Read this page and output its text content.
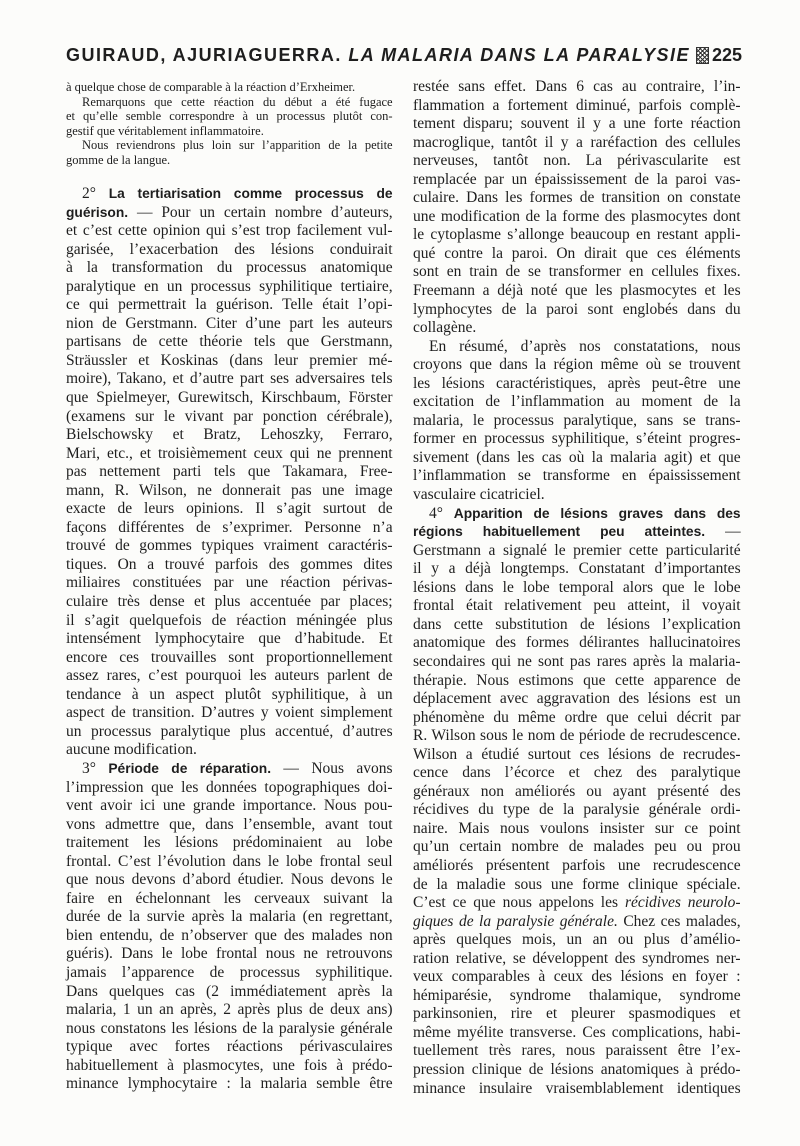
GUIRAUD, AJURIAGUERRA. LA MALARIA DANS LA PARALYSIE 225
à quelque chose de comparable à la réaction d’Erxheimer.
Remarquons que cette réaction du début a été fugace
et qu’elle semble correspondre à un processus plutôt con-
gestif que véritablement inflammatoire.
Nous reviendrons plus loin sur l’apparition de la petite
gomme de la langue.
2° La tertiarisation comme processus de
guérison. — Pour un certain nombre d’auteurs,
et c’est cette opinion qui s’est trop facilement vul-
garisée, l’exacerbation des lésions conduirait
à la transformation du processus anatomique
paralytique en un processus syphilitique tertiaire,
ce qui permettrait la guérison. Telle était l’opi-
nion de Gerstmann. Citer d’une part les auteurs
partisans de cette théorie tels que Gerstmann,
Sträussler et Koskinas (dans leur premier mé-
moire), Takano, et d’autre part ses adversaires tels
que Spielmeyer, Gurewitsch, Kirschbaum, Förster
(examens sur le vivant par ponction cérébrale),
Bielschowsky et Bratz, Lehoszky, Ferraro,
Mari, etc., et troisièmement ceux qui ne prennent
pas nettement parti tels que Takamara, Free-
mann, R. Wilson, ne donnerait pas une image
exacte de leurs opinions. Il s’agit surtout de
façons différentes de s’exprimer. Personne n’a
trouvé de gommes typiques vraiment caractéris-
tiques. On a trouvé parfois des gommes dites
miliaires constituées par une réaction périvas-
culaire très dense et plus accentuée par places;
il s’agit quelquefois de réaction méningée plus
intensément lymphocytaire que d’habitude. Et
encore ces trouvailles sont proportionnellement
assez rares, c’est pourquoi les auteurs parlent de
tendance à un aspect plutôt syphilitique, à un
aspect de transition. D’autres y voient simplement
un processus paralytique plus accentué, d’autres
aucune modification.
3° Période de réparation. — Nous avons
l’impression que les données topographiques doi-
vent avoir ici une grande importance. Nous pou-
vons admettre que, dans l’ensemble, avant tout
traitement les lésions prédominaient au lobe
frontal. C’est l’évolution dans le lobe frontal seul
que nous devons d’abord étudier. Nous devons le
faire en échelonnant les cerveaux suivant la
durée de la survie après la malaria (en regrettant,
bien entendu, de n’observer que des malades non
guéris). Dans le lobe frontal nous ne retrouvons
jamais l’apparence de processus syphilitique.
Dans quelques cas (2 immédiatement après la
malaria, 1 un an après, 2 après plus de deux ans)
nous constatons les lésions de la paralysie générale
typique avec fortes réactions périvasculaires
habituellement à plasmocytes, une fois à prédo-
minance lymphocytaire : la malaria semble être
restée sans effet. Dans 6 cas au contraire, l’in-
flammation a fortement diminué, parfois complè-
tement disparu; souvent il y a une forte réaction
macroglique, tantôt il y a raréfaction des cellules
nerveuses, tantôt non. La périvascularite est
remplacée par un épaississement de la paroi vas-
culaire. Dans les formes de transition on constate
une modification de la forme des plasmocytes dont
le cytoplasme s’allonge beaucoup en restant appli-
qué contre la paroi. On dirait que ces éléments
sont en train de se transformer en cellules fixes.
Freemann a déjà noté que les plasmocytes et les
lymphocytes de la paroi sont englobés dans du
collagène.
En résumé, d’après nos constatations, nous
croyons que dans la région même où se trouvent
les lésions caractéristiques, après peut-être une
excitation de l’inflammation au moment de la
malaria, le processus paralytique, sans se trans-
former en processus syphilitique, s’éteint progres-
sivement (dans les cas où la malaria agit) et que
l’inflammation se transforme en épaississement
vasculaire cicatriciel.
4° Apparition de lésions graves dans des
régions habituellement peu atteintes. —
Gerstmann a signalé le premier cette particularité
il y a déjà longtemps. Constatant d’importantes
lésions dans le lobe temporal alors que le lobe
frontal était relativement peu atteint, il voyait
dans cette substitution de lésions l’explication
anatomique des formes délirantes hallucinatoires
secondaires qui ne sont pas rares après la malaria-
thérapie. Nous estimons que cette apparence de
déplacement avec aggravation des lésions est un
phénomène du même ordre que celui décrit par
R. Wilson sous le nom de période de recrudescence.
Wilson a étudié surtout ces lésions de recrudes-
cence dans l’écorce et chez des paralytique
généraux non améliorés ou ayant présenté des
récidives du type de la paralysie générale ordi-
naire. Mais nous voulons insister sur ce point
qu’un certain nombre de malades peu ou prou
améliorés présentent parfois une recrudescence
de la maladie sous une forme clinique spéciale.
C’est ce que nous appelons les récidives neurolo-
giques de la paralysie générale. Chez ces malades,
après quelques mois, un an ou plus d’amélio-
ration relative, se développent des syndromes ner-
veux comparables à ceux des lésions en foyer :
hémiparésie, syndrome thalamique, syndrome
parkinsonien, rire et pleurer spasmodiques et
même myélite transverse. Ces complications, habi-
tuellement très rares, nous paraissent être l’ex-
pression clinique de lésions anatomiques à prédo-
minance insulaire vraisemblablement identiques
